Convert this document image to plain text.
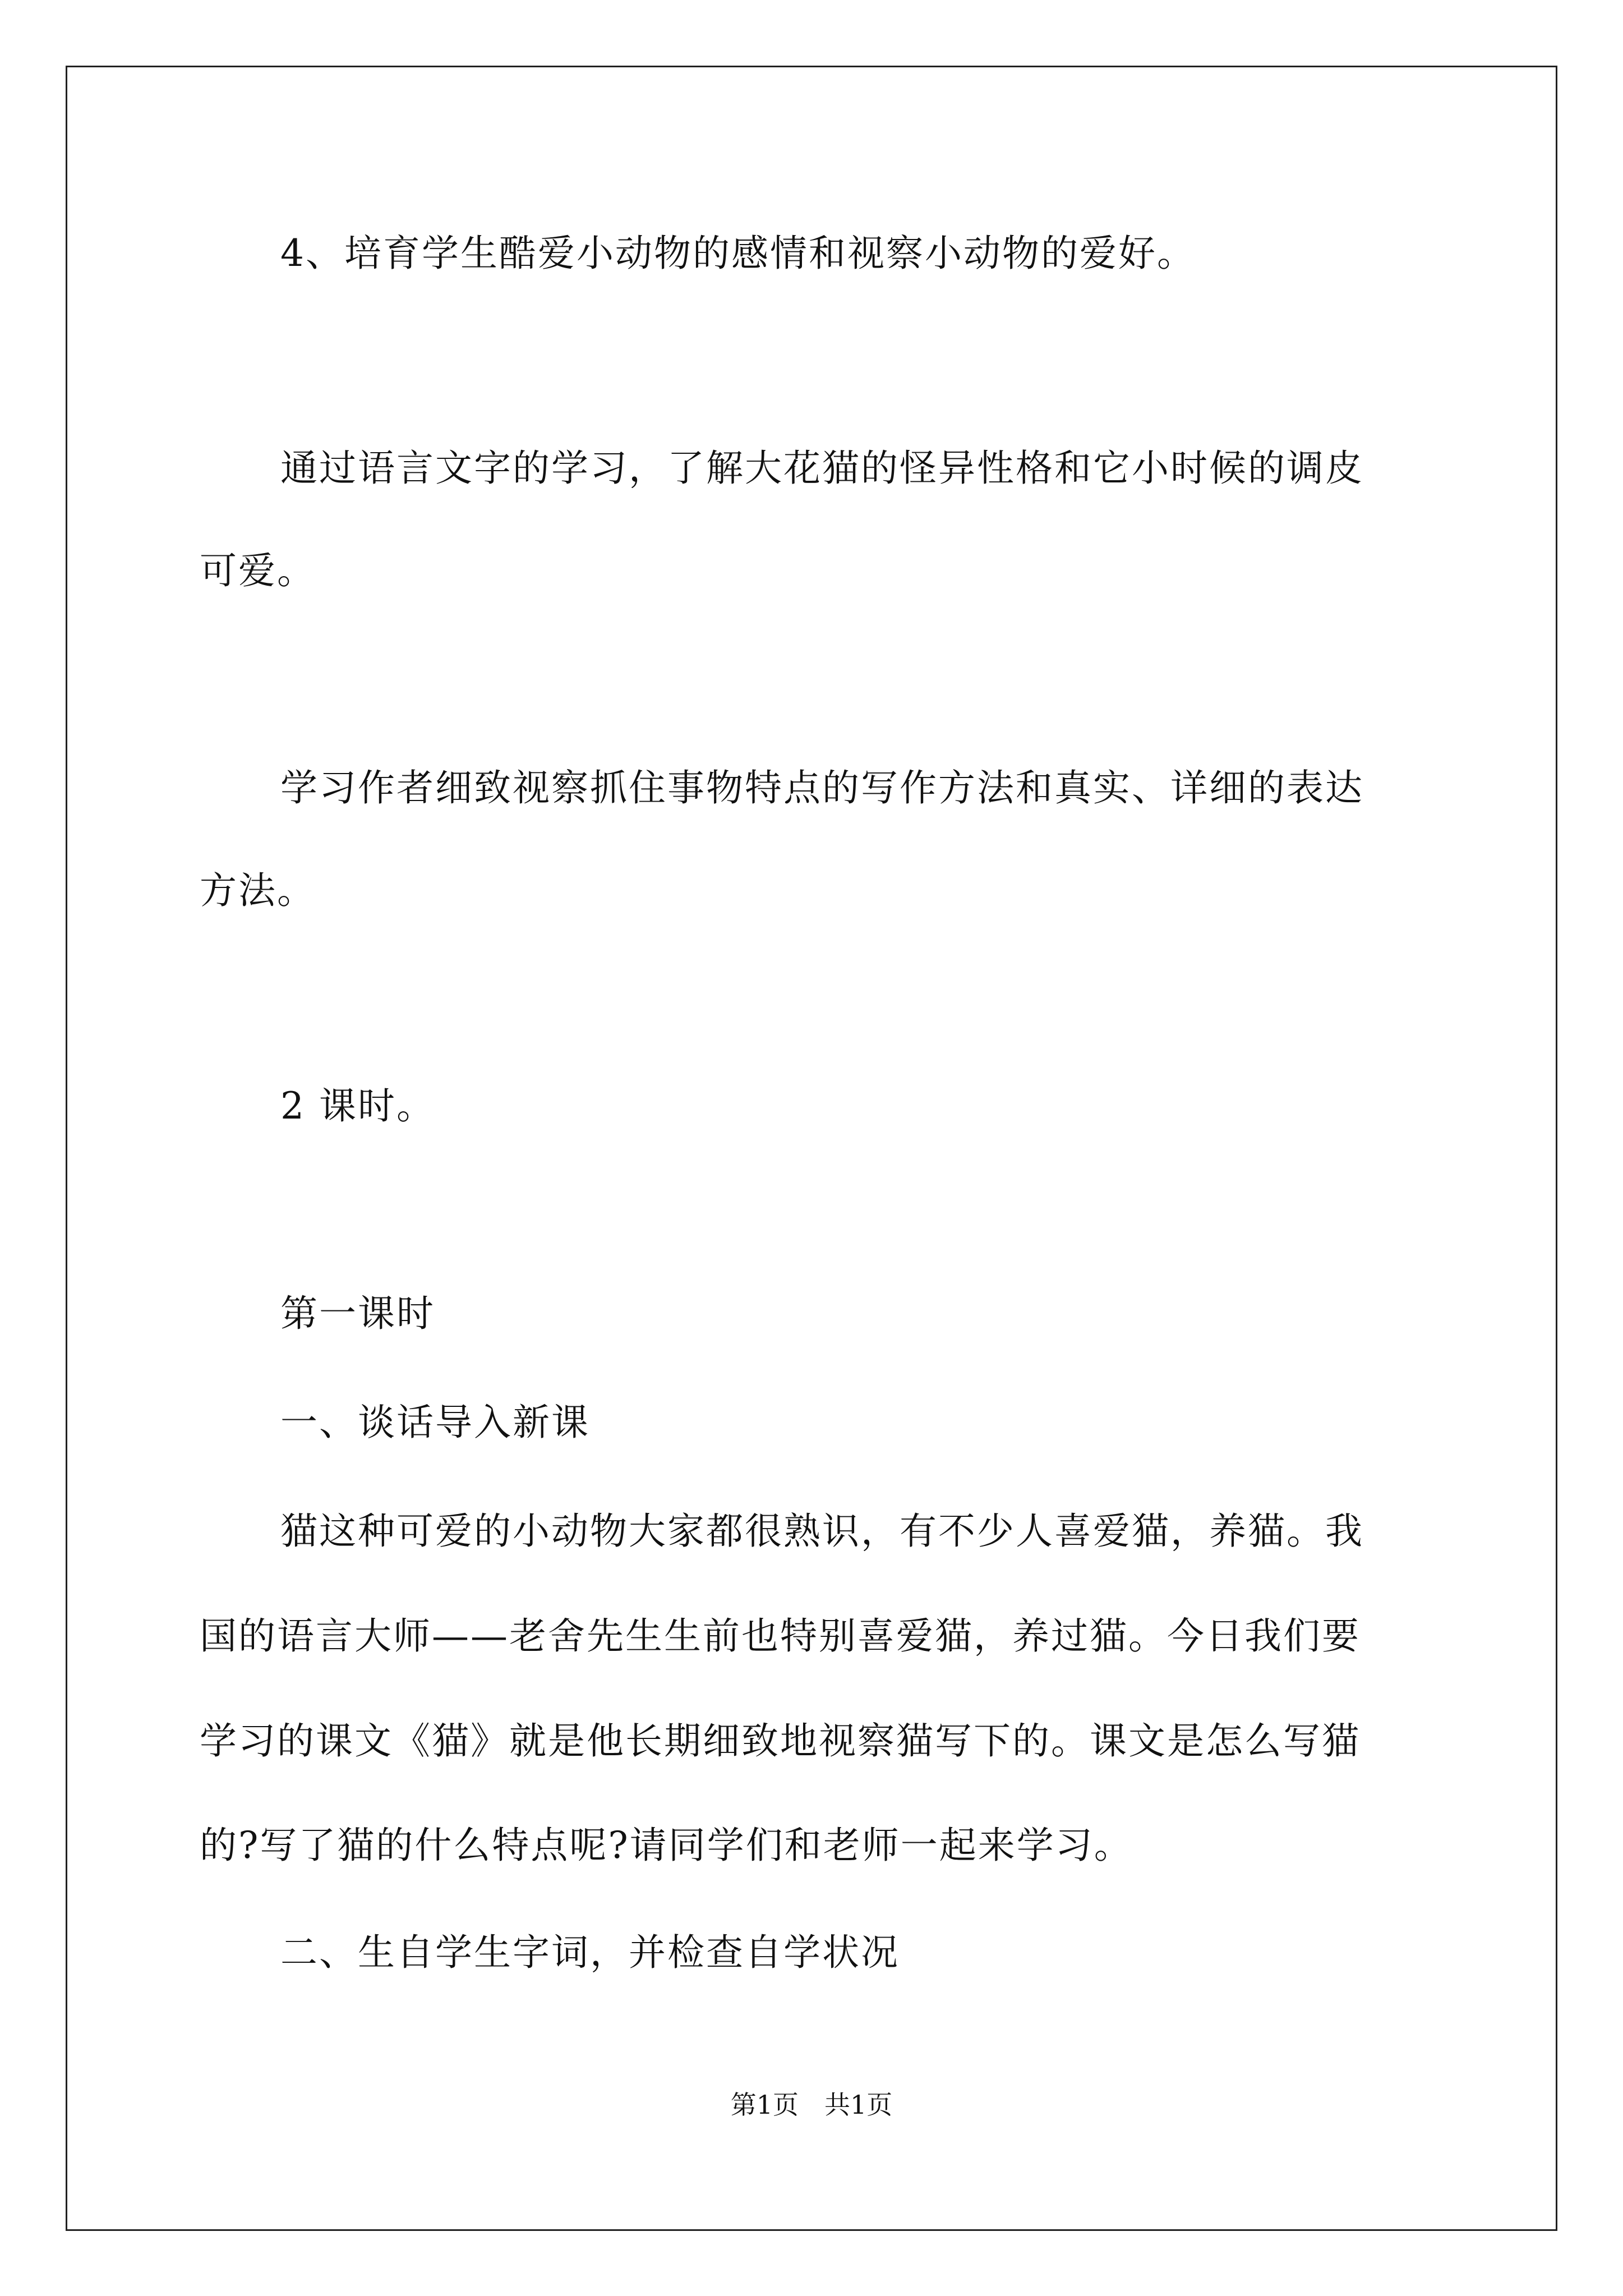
4、培育学生酷爱小动物的感情和视察小动物的爱好。
通过语言文字的学习，了解大花猫的怪异性格和它小时候的调皮
可爱。
学习作者细致视察抓住事物特点的写作方法和真实、详细的表达
方法。
2 课时。
第一课时
一、谈话导入新课
猫这种可爱的小动物大家都很熟识，有不少人喜爱猫，养猫。我
国的语言大师——老舍先生生前也特别喜爱猫，养过猫。今日我们要
学习的课文《猫》就是他长期细致地视察猫写下的。课文是怎么写猫
的?写了猫的什么特点呢?请同学们和老师一起来学习。
二、生自学生字词，并检查自学状况
第1页　共1页
